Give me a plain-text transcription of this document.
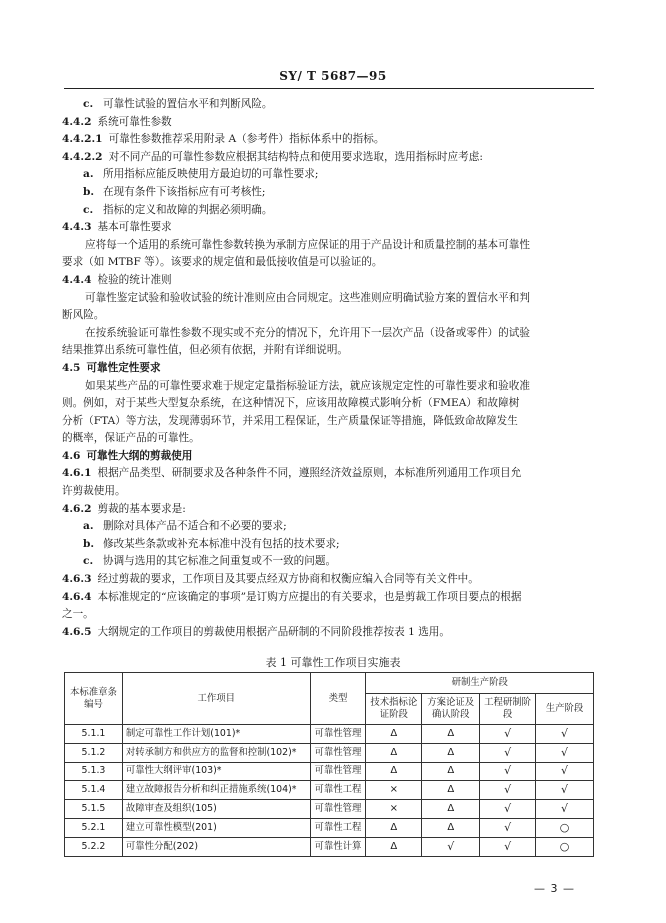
SY/ T 5687—95
c. 可靠性试验的置信水平和判断风险。
4.4.2 系统可靠性参数
4.4.2.1 可靠性参数推荐采用附录 A（参考件）指标体系中的指标。
4.4.2.2 对不同产品的可靠性参数应根据其结构特点和使用要求选取，选用指标时应考虑:
a. 所用指标应能反映使用方最迫切的可靠性要求;
b. 在现有条件下该指标应有可考核性;
c. 指标的定义和故障的判据必须明确。
4.4.3 基本可靠性要求
应将每一个适用的系统可靠性参数转换为承制方应保证的用于产品设计和质量控制的基本可靠性
要求（如 MTBF 等）。该要求的规定值和最低接收值是可以验证的。
4.4.4 检验的统计准则
可靠性鉴定试验和验收试验的统计准则应由合同规定。这些准则应明确试验方案的置信水平和判
断风险。
在按系统验证可靠性参数不现实或不充分的情况下，允许用下一层次产品（设备或零件）的试验
结果推算出系统可靠性值，但必须有依据，并附有详细说明。
4.5 可靠性定性要求
如果某些产品的可靠性要求难于规定定量指标验证方法，就应该规定定性的可靠性要求和验收准
则。例如，对于某些大型复杂系统，在这种情况下，应该用故障模式影响分析（FMEA）和故障树
分析（FTA）等方法，发现薄弱环节，并采用工程保证，生产质量保证等措施，降低致命故障发生
的概率，保证产品的可靠性。
4.6 可靠性大纲的剪裁使用
4.6.1 根据产品类型、研制要求及各种条件不同，遵照经济效益原则，本标准所列通用工作项目允
许剪裁使用。
4.6.2 剪裁的基本要求是:
a. 删除对具体产品不适合和不必要的要求;
b. 修改某些条款或补充本标准中没有包括的技术要求;
c. 协调与选用的其它标准之间重复或不一致的问题。
4.6.3 经过剪裁的要求，工作项目及其要点经双方协商和权衡应编入合同等有关文件中。
4.6.4 本标准规定的“应该确定的事项”是订购方应提出的有关要求，也是剪裁工作项目要点的根据
之一。
4.6.5 大纲规定的工作项目的剪裁使用根据产品研制的不同阶段推荐按表 1 选用。
表 1 可靠性工作项目实施表
本标准章条编号	工作项目	类型	研制生产阶段			
			技术指标论证阶段	方案论证及确认阶段	工程研制阶段	生产阶段
5.1.1	制定可靠性工作计划(101)*	可靠性管理	Δ	Δ	√	√
5.1.2	对转承制方和供应方的监督和控制(102)*	可靠性管理	Δ	Δ	√	√
5.1.3	可靠性大纲评审(103)*	可靠性管理	Δ	Δ	√	√
5.1.4	建立故障报告分析和纠正措施系统(104)*	可靠性工程	×	Δ	√	√
5.1.5	故障审查及组织(105)	可靠性管理	×	Δ	√	√
5.2.1	建立可靠性模型(201)	可靠性工程	Δ	Δ	√	○
5.2.2	可靠性分配(202)	可靠性计算	Δ	√	√	○
— 3 —
